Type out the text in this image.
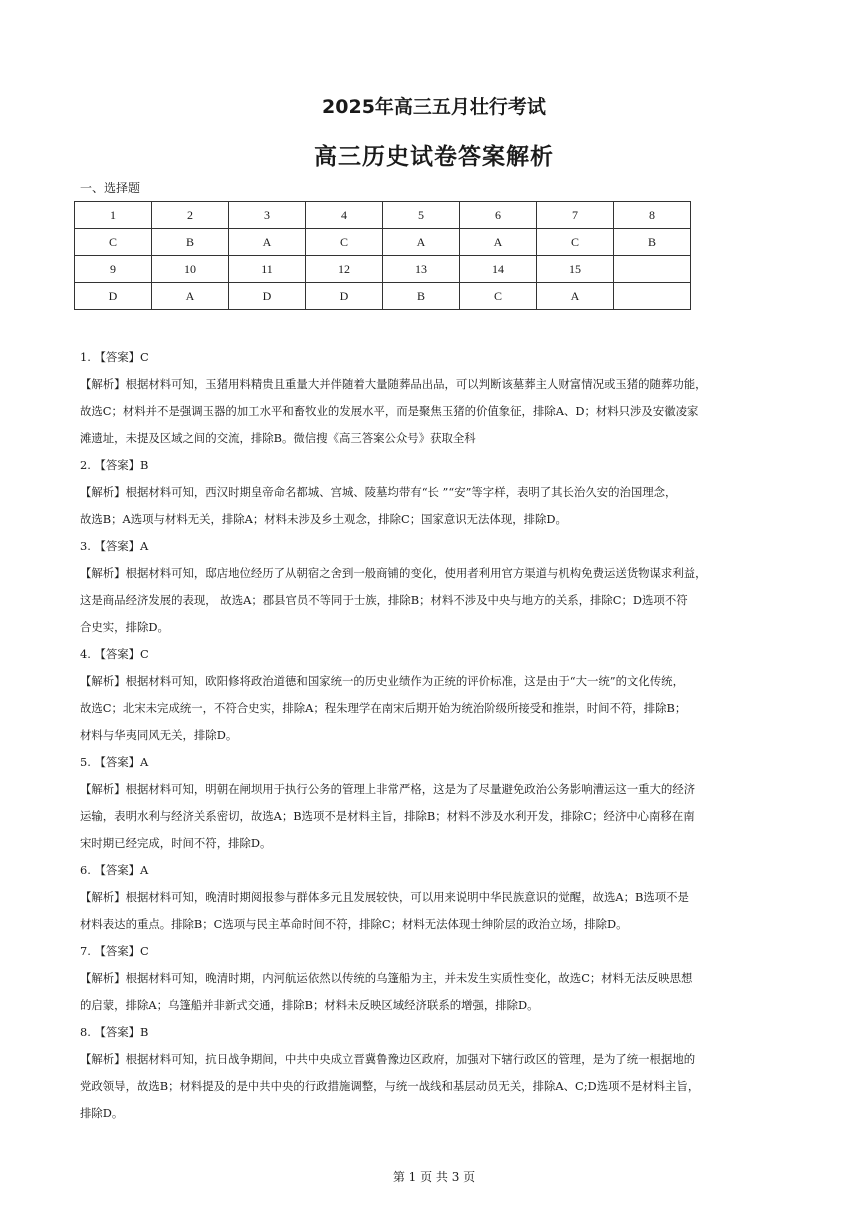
2025年高三五月壮行考试
高三历史试卷答案解析
一、选择题
1	2	3	4	5	6	7	8
C	B	A	C	A	A	C	B
9	10	11	12	13	14	15	
D	A	D	D	B	C	A	
1. 【答案】C
【解析】根据材料可知，玉猪用料精贵且重量大并伴随着大量随葬品出品，可以判断该墓葬主人财富情况或玉猪的随葬功能，
故选C；材料并不是强调玉器的加工水平和畜牧业的发展水平，而是聚焦玉猪的价值象征，排除A、D；材料只涉及安徽凌家
滩遗址，未提及区域之间的交流，排除B。微信搜《高三答案公众号》获取全科
2. 【答案】B
【解析】根据材料可知，西汉时期皇帝命名都城、宫城、陵墓均带有“长 ”“安”等字样，表明了其长治久安的治国理念，
故选B；A选项与材料无关，排除A；材料未涉及乡土观念，排除C；国家意识无法体现，排除D。
3. 【答案】A
【解析】根据材料可知，邸店地位经历了从朝宿之舍到一般商铺的变化，使用者利用官方渠道与机构免费运送货物谋求利益，
这是商品经济发展的表现， 故选A；郡县官员不等同于士族，排除B；材料不涉及中央与地方的关系，排除C；D选项不符
合史实，排除D。
4. 【答案】C
【解析】根据材料可知，欧阳修将政治道德和国家统一的历史业绩作为正统的评价标准，这是由于“大一统”的文化传统，
故选C；北宋未完成统一，不符合史实，排除A；程朱理学在南宋后期开始为统治阶级所接受和推崇，时间不符，排除B；
材料与华夷同风无关，排除D。
5. 【答案】A
【解析】根据材料可知，明朝在闸坝用于执行公务的管理上非常严格，这是为了尽量避免政治公务影响漕运这一重大的经济
运输，表明水利与经济关系密切，故选A；B选项不是材料主旨，排除B；材料不涉及水利开发，排除C；经济中心南移在南
宋时期已经完成，时间不符，排除D。
6. 【答案】A
【解析】根据材料可知，晚清时期阅报参与群体多元且发展较快，可以用来说明中华民族意识的觉醒，故选A；B选项不是
材料表达的重点。排除B；C选项与民主革命时间不符，排除C；材料无法体现士绅阶层的政治立场，排除D。
7. 【答案】C
【解析】根据材料可知，晚清时期，内河航运依然以传统的乌篷船为主，并未发生实质性变化，故选C；材料无法反映思想
的启蒙，排除A；乌篷船并非新式交通，排除B；材料未反映区域经济联系的增强，排除D。
8. 【答案】B
【解析】根据材料可知，抗日战争期间，中共中央成立晋冀鲁豫边区政府，加强对下辖行政区的管理，是为了统一根据地的
党政领导，故选B；材料提及的是中共中央的行政措施调整，与统一战线和基层动员无关，排除A、C;D选项不是材料主旨，
排除D。
第 1 页 共 3 页
